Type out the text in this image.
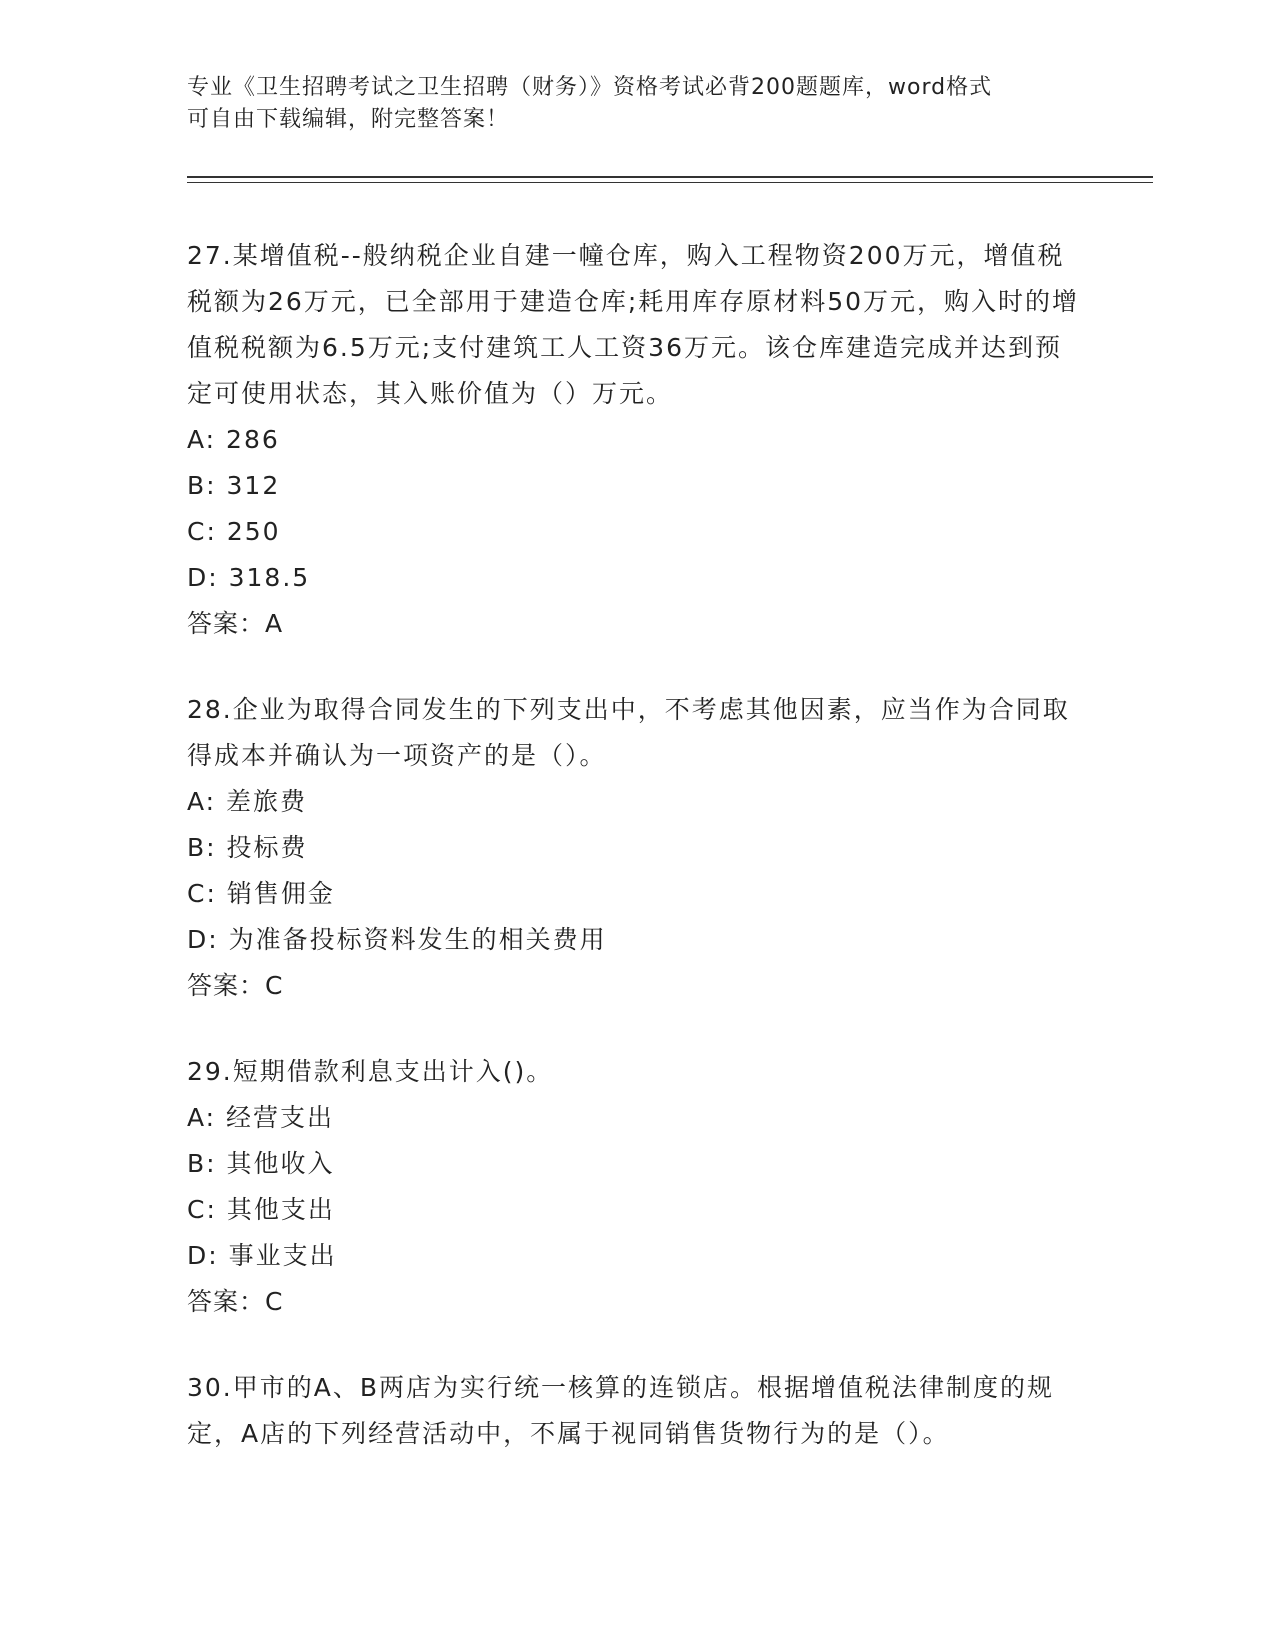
专业《卫生招聘考试之卫生招聘（财务）》资格考试必背200题题库，word格式
可自由下载编辑，附完整答案！
27.某增值税--般纳税企业自建一幢仓库，购入工程物资200万元，增值税税额为26万元，已全部用于建造仓库;耗用库存原材料50万元，购入时的增值税税额为6.5万元;支付建筑工人工资36万元。该仓库建造完成并达到预定可使用状态，其入账价值为（）万元。
A: 286
B: 312
C: 250
D: 318.5
答案：A
28.企业为取得合同发生的下列支出中，不考虑其他因素，应当作为合同取得成本并确认为一项资产的是（）。
A: 差旅费
B: 投标费
C: 销售佣金
D: 为准备投标资料发生的相关费用
答案：C
29.短期借款利息支出计入()。
A: 经营支出
B: 其他收入
C: 其他支出
D: 事业支出
答案：C
30.甲市的A、B两店为实行统一核算的连锁店。根据增值税法律制度的规定，A店的下列经营活动中，不属于视同销售货物行为的是（）。
